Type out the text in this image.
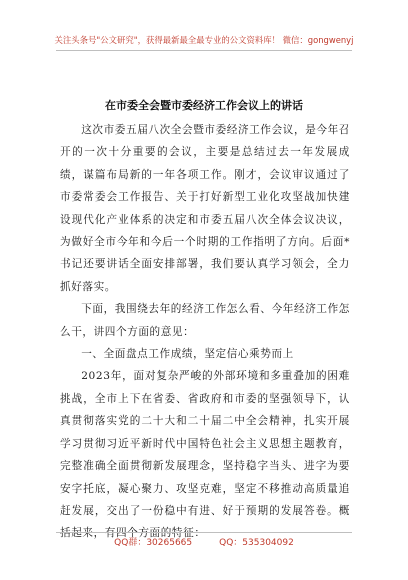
关注头条号"公文研究"，获得最新最全最专业的公文资料库！ 微信：gongwenyj
在市委全会暨市委经济工作会议上的讲话

这次市委五届八次全会暨市委经济工作会议，是今年召开的一次十分重要的会议，主要是总结过去一年发展成绩，谋篇布局新的一年各项工作。刚才，会议审议通过了市委常委会工作报告、关于打好新型工业化攻坚战加快建设现代化产业体系的决定和市委五届八次全体会议决议，为做好全市今年和今后一个时期的工作指明了方向。后面*书记还要讲话全面安排部署，我们要认真学习领会，全力抓好落实。

下面，我围绕去年的经济工作怎么看、今年经济工作怎么干，讲四个方面的意见：

一、全面盘点工作成绩，坚定信心乘势而上

2023年，面对复杂严峻的外部环境和多重叠加的困难挑战，全市上下在省委、省政府和市委的坚强领导下，认真贯彻落实党的二十大和二十届二中全会精神，扎实开展学习贯彻习近平新时代中国特色社会主义思想主题教育，完整准确全面贯彻新发展理念，坚持稳字当头、进字为要安字托底，凝心聚力、攻坚克难，坚定不移推动高质量追赶发展，交出了一份稳中有进、好于预期的发展答卷。概括起来，有四个方面的特征：

QQ群：30265665　　　QQ：535304092
